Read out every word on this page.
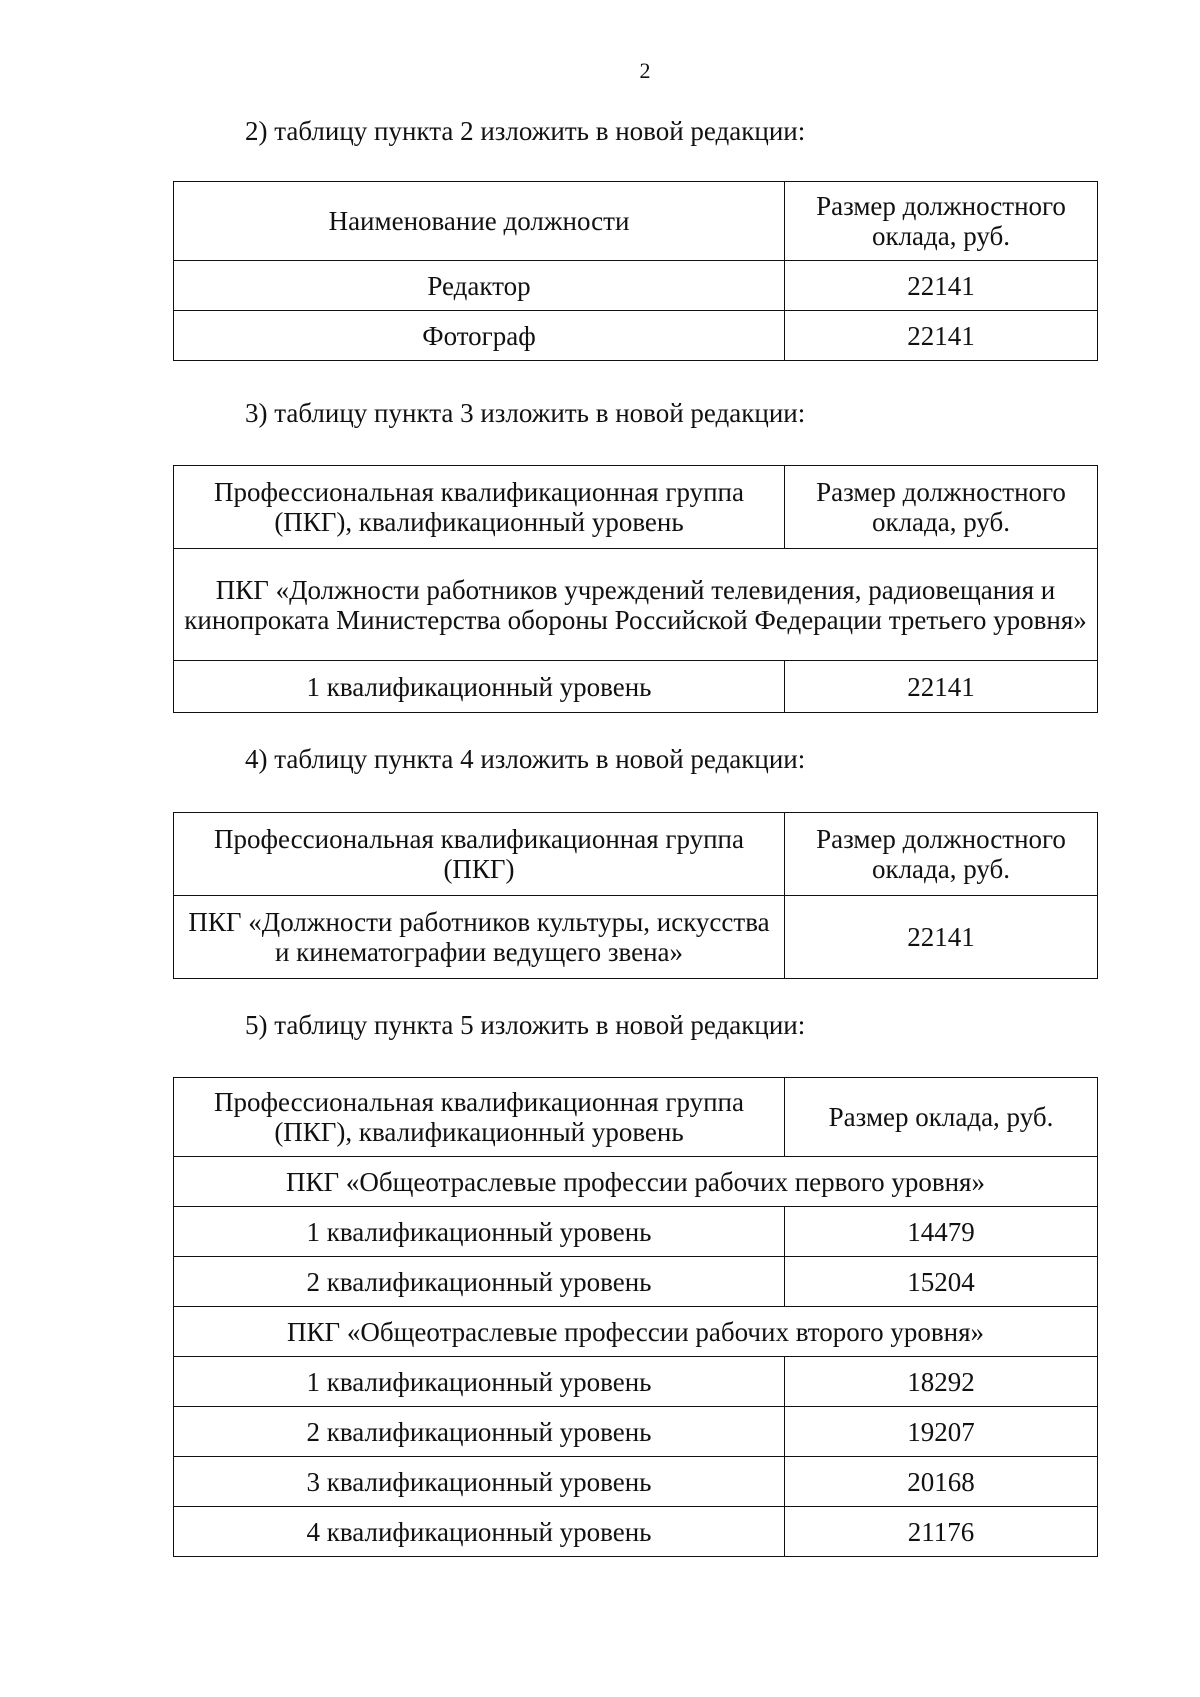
2

2) таблицу пункта 2 изложить в новой редакции:

Наименование должности	Размер должностного оклада, руб.
Редактор	22141
Фотограф	22141

3) таблицу пункта 3 изложить в новой редакции:

Профессиональная квалификационная группа (ПКГ), квалификационный уровень	Размер должностного оклада, руб.
ПКГ «Должности работников учреждений телевидения, радиовещания и кинопроката Министерства обороны Российской Федерации третьего уровня»	
1 квалификационный уровень	22141

4) таблицу пункта 4 изложить в новой редакции:

Профессиональная квалификационная группа (ПКГ)	Размер должностного оклада, руб.
ПКГ «Должности работников культуры, искусства и кинематографии ведущего звена»	22141

5) таблицу пункта 5 изложить в новой редакции:

Профессиональная квалификационная группа (ПКГ), квалификационный уровень	Размер оклада, руб.
ПКГ «Общеотраслевые профессии рабочих первого уровня»	
1 квалификационный уровень	14479
2 квалификационный уровень	15204
ПКГ «Общеотраслевые профессии рабочих второго уровня»	
1 квалификационный уровень	18292
2 квалификационный уровень	19207
3 квалификационный уровень	20168
4 квалификационный уровень	21176
